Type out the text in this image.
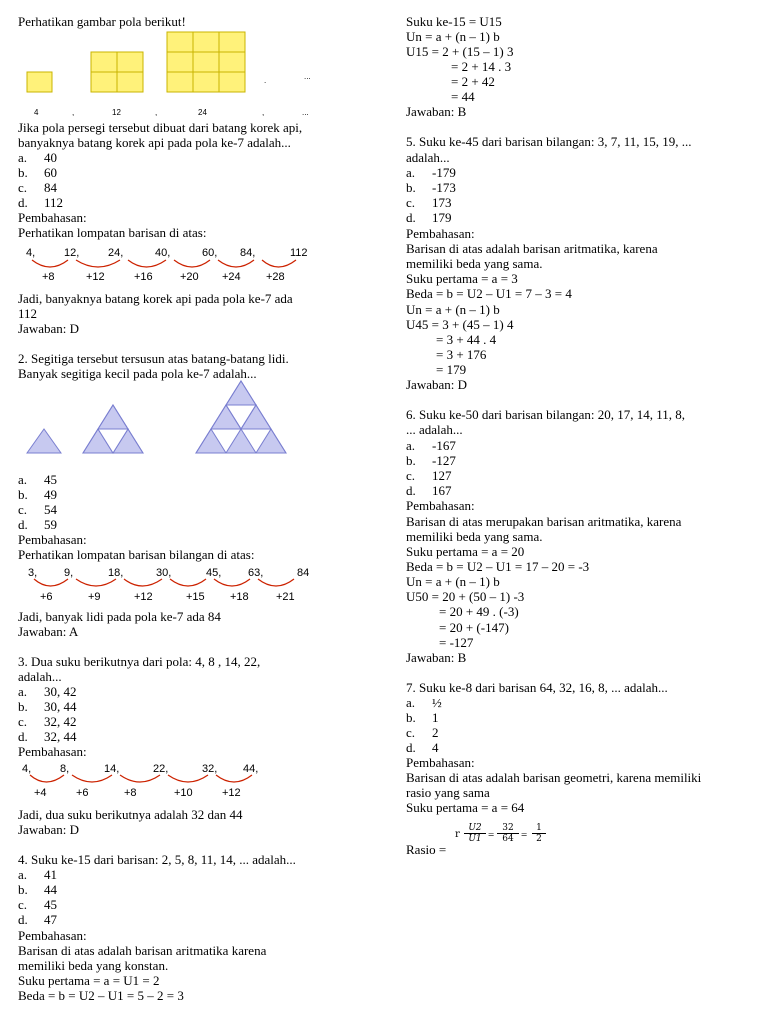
Perhatikan gambar pola berikut!
.	...
4	,	12	,	24	,	...
Jika pola persegi tersebut dibuat dari batang korek api,
banyaknya batang korek api pada pola ke-7 adalah...
a. 40
b. 60
c. 84
d. 112
Pembahasan:
Perhatikan lompatan barisan di atas:
4,	12,	24,	40,	60, 84,	112
+8	+12	+16 +20 +24 +28
Jadi, banyaknya batang korek api pada pola ke-7 ada
112
Jawaban: D
2. Segitiga tersebut tersusun atas batang-batang lidi.
Banyak segitiga kecil pada pola ke-7 adalah...
a. 45
b. 49
c. 54
d. 59
Pembahasan:
Perhatikan lompatan barisan bilangan di atas:
3, 9,	18,	30,	45, 63,	84
+6	+9	+12	+15 +18 +21
Jadi, banyak lidi pada pola ke-7 ada 84
Jawaban: A
3. Dua suku berikutnya dari pola: 4, 8 , 14, 22,
adalah...
a. 30, 42
b. 30, 44
c. 32, 42
d. 32, 44
Pembahasan:
4,	8,	14,	22,	32, 44,
+4	+6	+8	+10	+12
Jadi, dua suku berikutnya adalah 32 dan 44
Jawaban: D
4. Suku ke-15 dari barisan: 2, 5, 8, 11, 14, ... adalah...
a. 41
b. 44
c. 45
d. 47
Pembahasan:
Barisan di atas adalah barisan aritmatika karena
memiliki beda yang konstan.
Suku pertama = a = U1 = 2
Beda = b = U2 – U1 = 5 – 2 = 3
Suku ke-15 = U15
Un = a + (n – 1) b
U15 = 2 + (15 – 1) 3
= 2 + 14 . 3
= 2 + 42
= 44
Jawaban: B
5. Suku ke-45 dari barisan bilangan: 3, 7, 11, 15, 19, ...
adalah...
a. -179
b. -173
c. 173
d. 179
Pembahasan:
Barisan di atas adalah barisan aritmatika, karena
memiliki beda yang sama.
Suku pertama = a = 3
Beda = b = U2 – U1 = 7 – 3 = 4
Un = a + (n – 1) b
U45 = 3 + (45 – 1) 4
= 3 + 44 . 4
= 3 + 176
= 179
Jawaban: D
6. Suku ke-50 dari barisan bilangan: 20, 17, 14, 11, 8,
... adalah...
a. -167
b. -127
c. 127
d. 167
Pembahasan:
Barisan di atas merupakan barisan aritmatika, karena
memiliki beda yang sama.
Suku pertama = a = 20
Beda = b = U2 – U1 = 17 – 20 = -3
Un = a + (n – 1) b
U50 = 20 + (50 – 1) -3
= 20 + 49 . (-3)
= 20 + (-147)
= -127
Jawaban: B
7. Suku ke-8 dari barisan 64, 32, 16, 8, ... adalah...
a. ½
b. 1
c. 2
d. 4
Pembahasan:
Barisan di atas adalah barisan geometri, karena memiliki
rasio yang sama
Suku pertama = a = 64
Rasio =
r $\frac{U2}{U1} = \frac{32}{64} = \frac{1}{2}$
